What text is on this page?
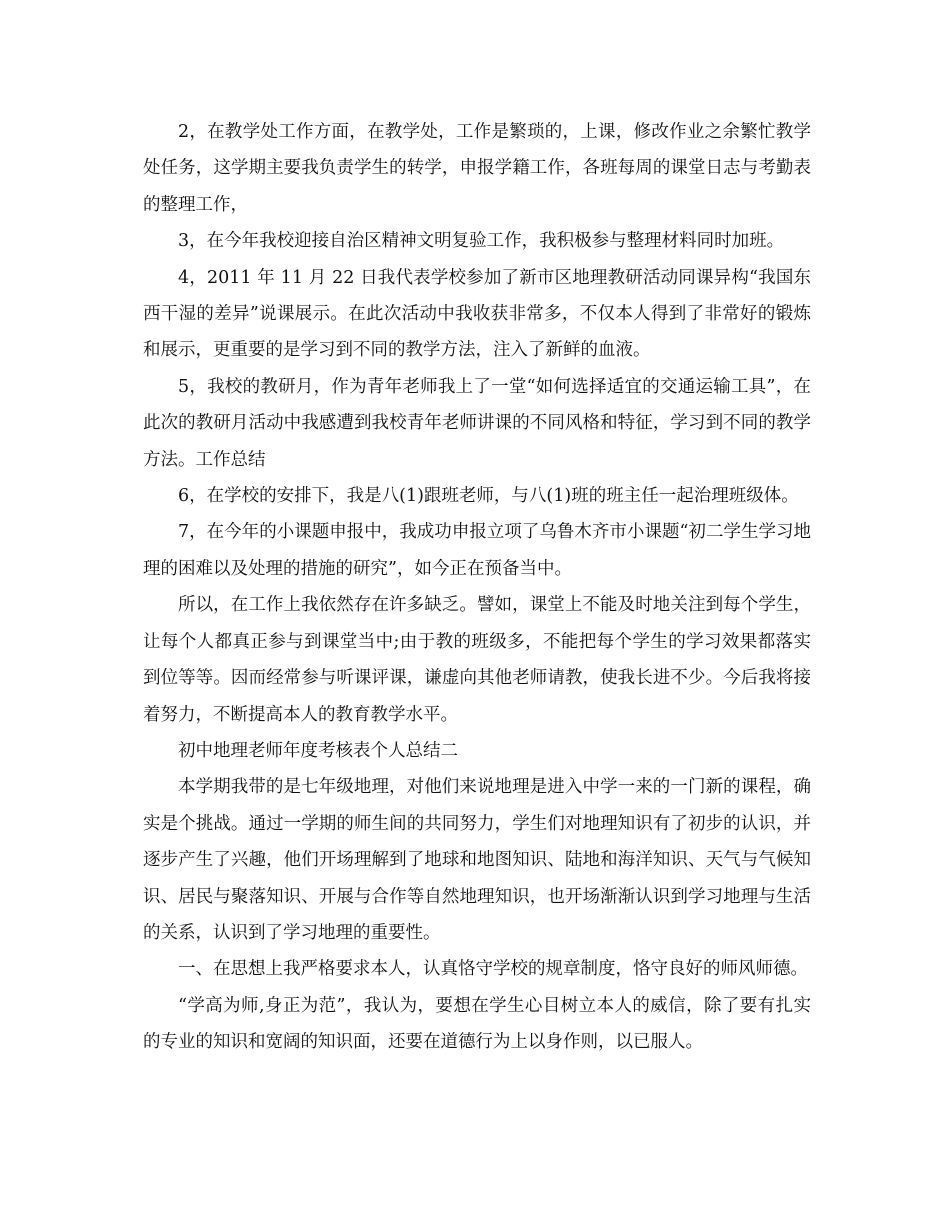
2，在教学处工作方面，在教学处，工作是繁琐的，上课，修改作业之余繁忙教学处任务，这学期主要我负责学生的转学，申报学籍工作，各班每周的课堂日志与考勤表的整理工作，

3，在今年我校迎接自治区精神文明复验工作，我积极参与整理材料同时加班。

4，2011 年 11 月 22 日我代表学校参加了新市区地理教研活动同课异构“我国东西干湿的差异”说课展示。在此次活动中我收获非常多，不仅本人得到了非常好的锻炼和展示，更重要的是学习到不同的教学方法，注入了新鲜的血液。

5，我校的教研月，作为青年老师我上了一堂“如何选择适宜的交通运输工具”，在此次的教研月活动中我感遭到我校青年老师讲课的不同风格和特征，学习到不同的教学方法。工作总结

6，在学校的安排下，我是八(1)跟班老师，与八(1)班的班主任一起治理班级体。

7，在今年的小课题申报中，我成功申报立项了乌鲁木齐市小课题“初二学生学习地理的困难以及处理的措施的研究”，如今正在预备当中。

所以，在工作上我依然存在许多缺乏。譬如，课堂上不能及时地关注到每个学生，让每个人都真正参与到课堂当中;由于教的班级多，不能把每个学生的学习效果都落实到位等等。因而经常参与听课评课，谦虚向其他老师请教，使我长进不少。今后我将接着努力，不断提高本人的教育教学水平。

初中地理老师年度考核表个人总结二

本学期我带的是七年级地理，对他们来说地理是进入中学一来的一门新的课程，确实是个挑战。通过一学期的师生间的共同努力，学生们对地理知识有了初步的认识，并逐步产生了兴趣，他们开场理解到了地球和地图知识、陆地和海洋知识、天气与气候知识、居民与聚落知识、开展与合作等自然地理知识，也开场渐渐认识到学习地理与生活的关系，认识到了学习地理的重要性。

一、在思想上我严格要求本人，认真恪守学校的规章制度，恪守良好的师风师德。

“学高为师,身正为范”，我认为，要想在学生心目树立本人的威信，除了要有扎实的专业的知识和宽阔的知识面，还要在道德行为上以身作则，以已服人。
